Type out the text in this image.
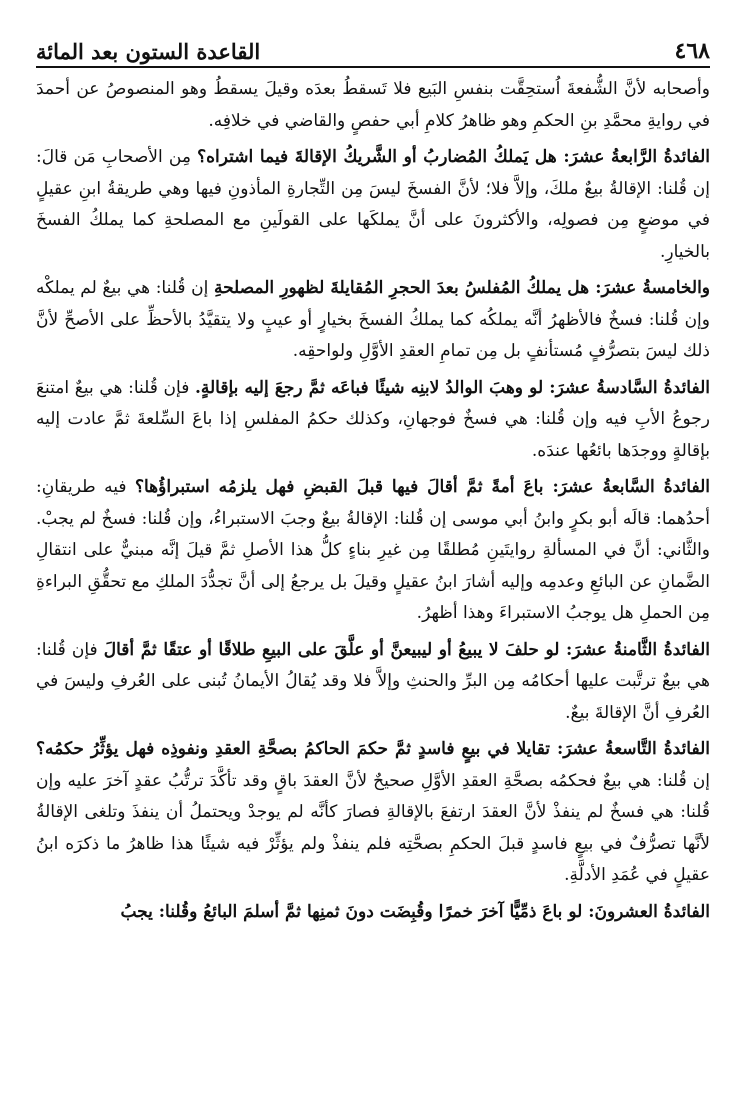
٤٦٨
القاعدة الستون بعد المائة

وأصحابه لأنَّ الشُّفعةَ اُستحِقَّت بنفسِ البَيع فلا تَسقطُ بعدَه وقيلَ يسقطُ وهو المنصوصُ عن أحمدَ في روايةِ محمَّدِ بنِ الحكمِ وهو ظاهرُ كلامِ أبي حفصٍ والقاضي في خلافِه.

الفائدةُ الرَّابعةُ عشرَ: هل يَملكُ المُضاربُ أو الشَّريكُ الإقالةَ فيما اشتراه؟ مِن الأصحابِ مَن قالَ: إن قُلنا: الإقالةُ بيعٌ ملكَ، وإلاَّ فلا؛ لأنَّ الفسخَ ليسَ مِن التِّجارةِ المأذونِ فيها وهي طريقةُ ابنِ عقيلٍ في موضعٍ مِن فصولِه، والأكثرونَ على أنَّ يملكَها على القولَينِ مع المصلحةِ كما يملكُ الفسخَ بالخيارِ.

والخامسةُ عشرَ: هل يملكُ المُفلسُ بعدَ الحجرِ المُقايلةَ لظهورِ المصلحةِ إن قُلنا: هي بيعٌ لم يملكْه وإن قُلنا: فسخٌ فالأظهرُ أنَّه يملكُه كما يملكُ الفسخَ بخيارٍ أو عيبٍ ولا يتقيَّدُ بالأحظِّ على الأصحِّ لأنَّ ذلك ليسَ بتصرُّفٍ مُستأنفٍ بل مِن تمامِ العقدِ الأوَّلِ ولواحقِه.

الفائدةُ السَّادسةُ عشرَ: لو وهبَ الوالدُ لابنِه شيئًا فباعَه ثمَّ رجعَ إليه بإقالةٍ. فإن قُلنا: هي بيعٌ امتنعَ رجوعُ الأبِ فيه وإن قُلنا: هي فسخٌ فوجهانِ، وكذلك حكمُ المفلسِ إذا باعَ السِّلعةَ ثمَّ عادت إليه بإقالةٍ ووجدَها بائعُها عندَه.

الفائدةُ السَّابعةُ عشرَ: باعَ أمةً ثمَّ أقالَ فيها قبلَ القبضِ فهل يلزمُه استبراؤُها؟ فيه طريقانِ: أحدُهما: قالَه أبو بكرٍ وابنُ أبي موسى إن قُلنا: الإقالةُ بيعٌ وجبَ الاستبراءُ، وإن قُلنا: فسخٌ لم يجبْ. والثَّاني: أنَّ في المسألةِ روايتَينِ مُطلقًا مِن غيرِ بناءٍ كلُّ هذا الأصلِ ثمَّ قيلَ إنَّه مبنيٌّ على انتقالِ الضَّمانِ عن البائعِ وعدمِه وإليه أشارَ ابنُ عقيلٍ وقيلَ بل يرجعُ إلى أنَّ تجدُّدَ الملكِ مع تحقُّقِ البراءةِ مِن الحملِ هل يوجبُ الاستبراءَ وهذا أظهرُ.

الفائدةُ الثَّامنةُ عشرَ: لو حلفَ لا يبيعُ أو ليبيعنَّ أو علَّقَ على البيعِ طلاقًا أو عتقًا ثمَّ أقالَ فإن قُلنا: هي بيعٌ ترتَّبت عليها أحكامُه مِن البرِّ والحنثِ وإلاَّ فلا وقد يُقالُ الأيمانُ تُبنى على العُرفِ وليسَ في العُرفِ أنَّ الإقالةَ بيعٌ.

الفائدةُ التَّاسعةُ عشرَ: تقايلا في بيعٍ فاسدٍ ثمَّ حكمَ الحاكمُ بصحَّةِ العقدِ ونفوذِه فهل يؤثِّرُ حكمُه؟ إن قُلنا: هي بيعٌ فحكمُه بصحَّةِ العقدِ الأوَّلِ صحيحٌ لأنَّ العقدَ باقٍ وقد تأكَّدَ ترتُّبُ عقدٍ آخرَ عليه وإن قُلنا: هي فسخٌ لم ينفذْ لأنَّ العقدَ ارتفعَ بالإقالةِ فصارَ كأنَّه لم يوجدْ ويحتملُ أن ينفذَ وتلغى الإقالةُ لأنَّها تصرُّفٌ في بيعٍ فاسدٍ قبلَ الحكمِ بصحَّتِه فلم ينفذْ ولم يؤثِّرْ فيه شيئًا هذا ظاهرُ ما ذكرَه ابنُ عقيلٍ في عُمَدِ الأدلَّةِ.

الفائدةُ العشرونَ: لو باعَ ذمِّيًّا آخرَ خمرًا وقُبِضَت دونَ ثمنِها ثمَّ أسلمَ البائعُ وقُلنا: يجبُ
